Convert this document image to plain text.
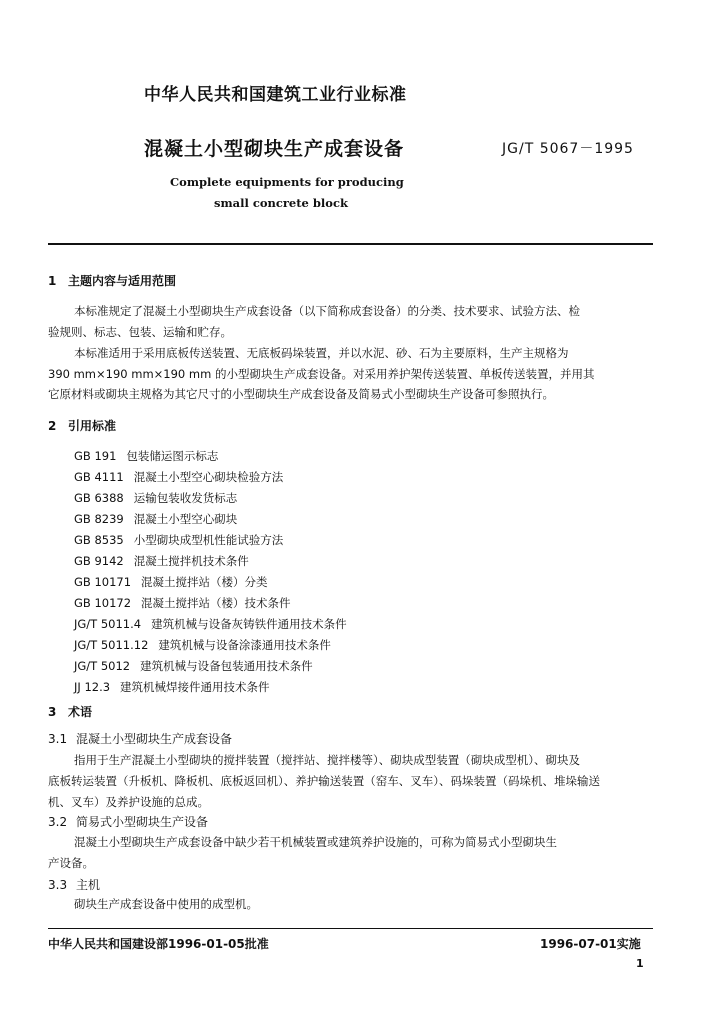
中华人民共和国建筑工业行业标准
混凝土小型砌块生产成套设备	JG/T 5067－1995
Complete equipments for producing
small concrete block
1 主题内容与适用范围
本标准规定了混凝土小型砌块生产成套设备（以下简称成套设备）的分类、技术要求、试验方法、检
验规则、标志、包装、运输和贮存。
本标准适用于采用底板传送装置、无底板码垛装置，并以水泥、砂、石为主要原料，生产主规格为
390 mm×190 mm×190 mm 的小型砌块生产成套设备。对采用养护架传送装置、单板传送装置，并用其
它原材料或砌块主规格为其它尺寸的小型砌块生产成套设备及简易式小型砌块生产设备可参照执行。
2 引用标准
GB 191 包装储运图示标志
GB 4111 混凝土小型空心砌块检验方法
GB 6388 运输包装收发货标志
GB 8239 混凝土小型空心砌块
GB 8535 小型砌块成型机性能试验方法
GB 9142 混凝土搅拌机技术条件
GB 10171 混凝土搅拌站（楼）分类
GB 10172 混凝土搅拌站（楼）技术条件
JG/T 5011.4 建筑机械与设备灰铸铁件通用技术条件
JG/T 5011.12 建筑机械与设备涂漆通用技术条件
JG/T 5012 建筑机械与设备包装通用技术条件
JJ 12.3 建筑机械焊接件通用技术条件
3 术语
3.1 混凝土小型砌块生产成套设备
指用于生产混凝土小型砌块的搅拌装置（搅拌站、搅拌楼等）、砌块成型装置（砌块成型机）、砌块及
底板转运装置（升板机、降板机、底板返回机）、养护输送装置（窑车、叉车）、码垛装置（码垛机、堆垛输送
机、叉车）及养护设施的总成。
3.2 简易式小型砌块生产设备
混凝土小型砌块生产成套设备中缺少若干机械装置或建筑养护设施的，可称为简易式小型砌块生
产设备。
3.3 主机
砌块生产成套设备中使用的成型机。
中华人民共和国建设部1996-01-05批准	1996-07-01实施
1
